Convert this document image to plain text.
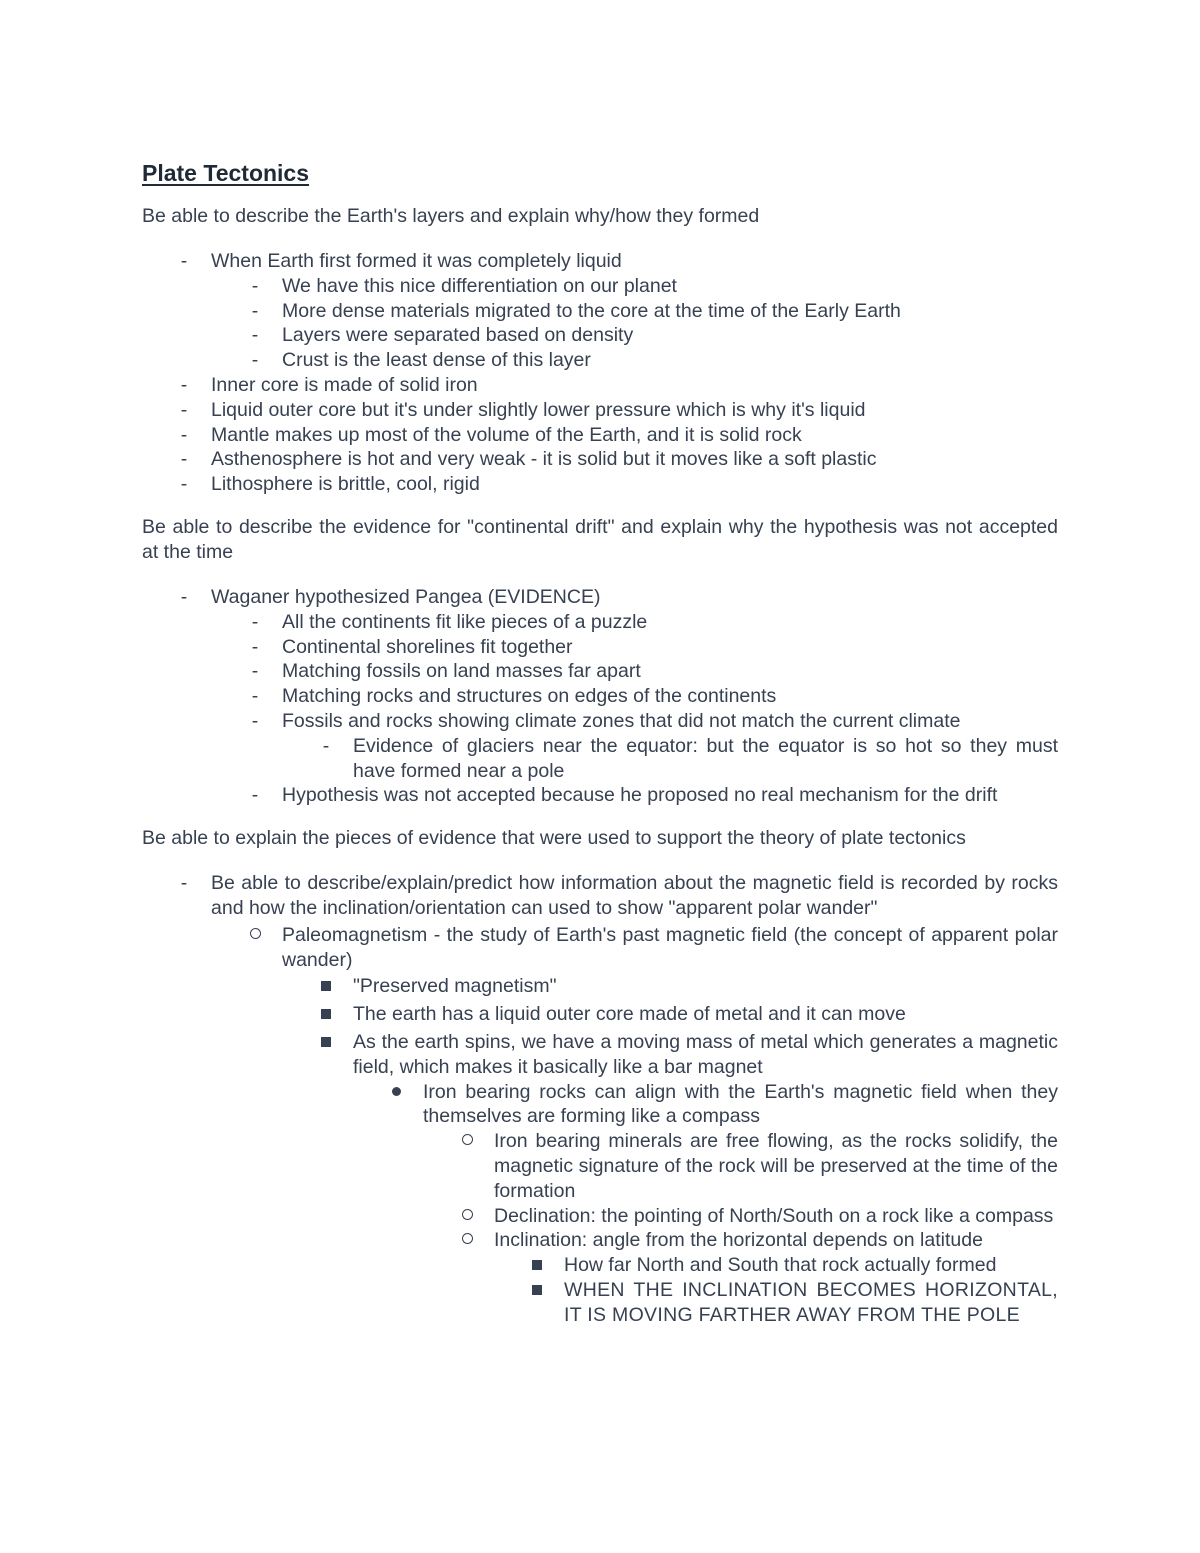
Plate Tectonics

Be able to describe the Earth's layers and explain why/how they formed

-
When Earth first formed it was completely liquid
-
We have this nice differentiation on our planet
-
More dense materials migrated to the core at the time of the Early Earth
-
Layers were separated based on density
-
Crust is the least dense of this layer
-
Inner core is made of solid iron
-
Liquid outer core but it's under slightly lower pressure which is why it's liquid
-
Mantle makes up most of the volume of the Earth, and it is solid rock
-
Asthenosphere is hot and very weak - it is solid but it moves like a soft plastic
-
Lithosphere is brittle, cool, rigid

Be able to describe the evidence for "continental drift" and explain why the hypothesis was not accepted at the time

-
Waganer hypothesized Pangea (EVIDENCE)
-
All the continents fit like pieces of a puzzle
-
Continental shorelines fit together
-
Matching fossils on land masses far apart
-
Matching rocks and structures on edges of the continents
-
Fossils and rocks showing climate zones that did not match the current climate
-
Evidence of glaciers near the equator: but the equator is so hot so they must have formed near a pole
-
Hypothesis was not accepted because he proposed no real mechanism for the drift

Be able to explain the pieces of evidence that were used to support the theory of plate tectonics

-
Be able to describe/explain/predict how information about the magnetic field is recorded by rocks and how the inclination/orientation can used to show "apparent polar wander"
Paleomagnetism - the study of Earth's past magnetic field (the concept of apparent polar wander)
"Preserved magnetism"
The earth has a liquid outer core made of metal and it can move
As the earth spins, we have a moving mass of metal which generates a magnetic field, which makes it basically like a bar magnet
Iron bearing rocks can align with the Earth's magnetic field when they themselves are forming like a compass
Iron bearing minerals are free flowing, as the rocks solidify, the magnetic signature of the rock will be preserved at the time of the formation
Declination: the pointing of North/South on a rock like a compass
Inclination: angle from the horizontal depends on latitude
How far North and South that rock actually formed
WHEN THE INCLINATION BECOMES HORIZONTAL, IT IS MOVING FARTHER AWAY FROM THE POLE
